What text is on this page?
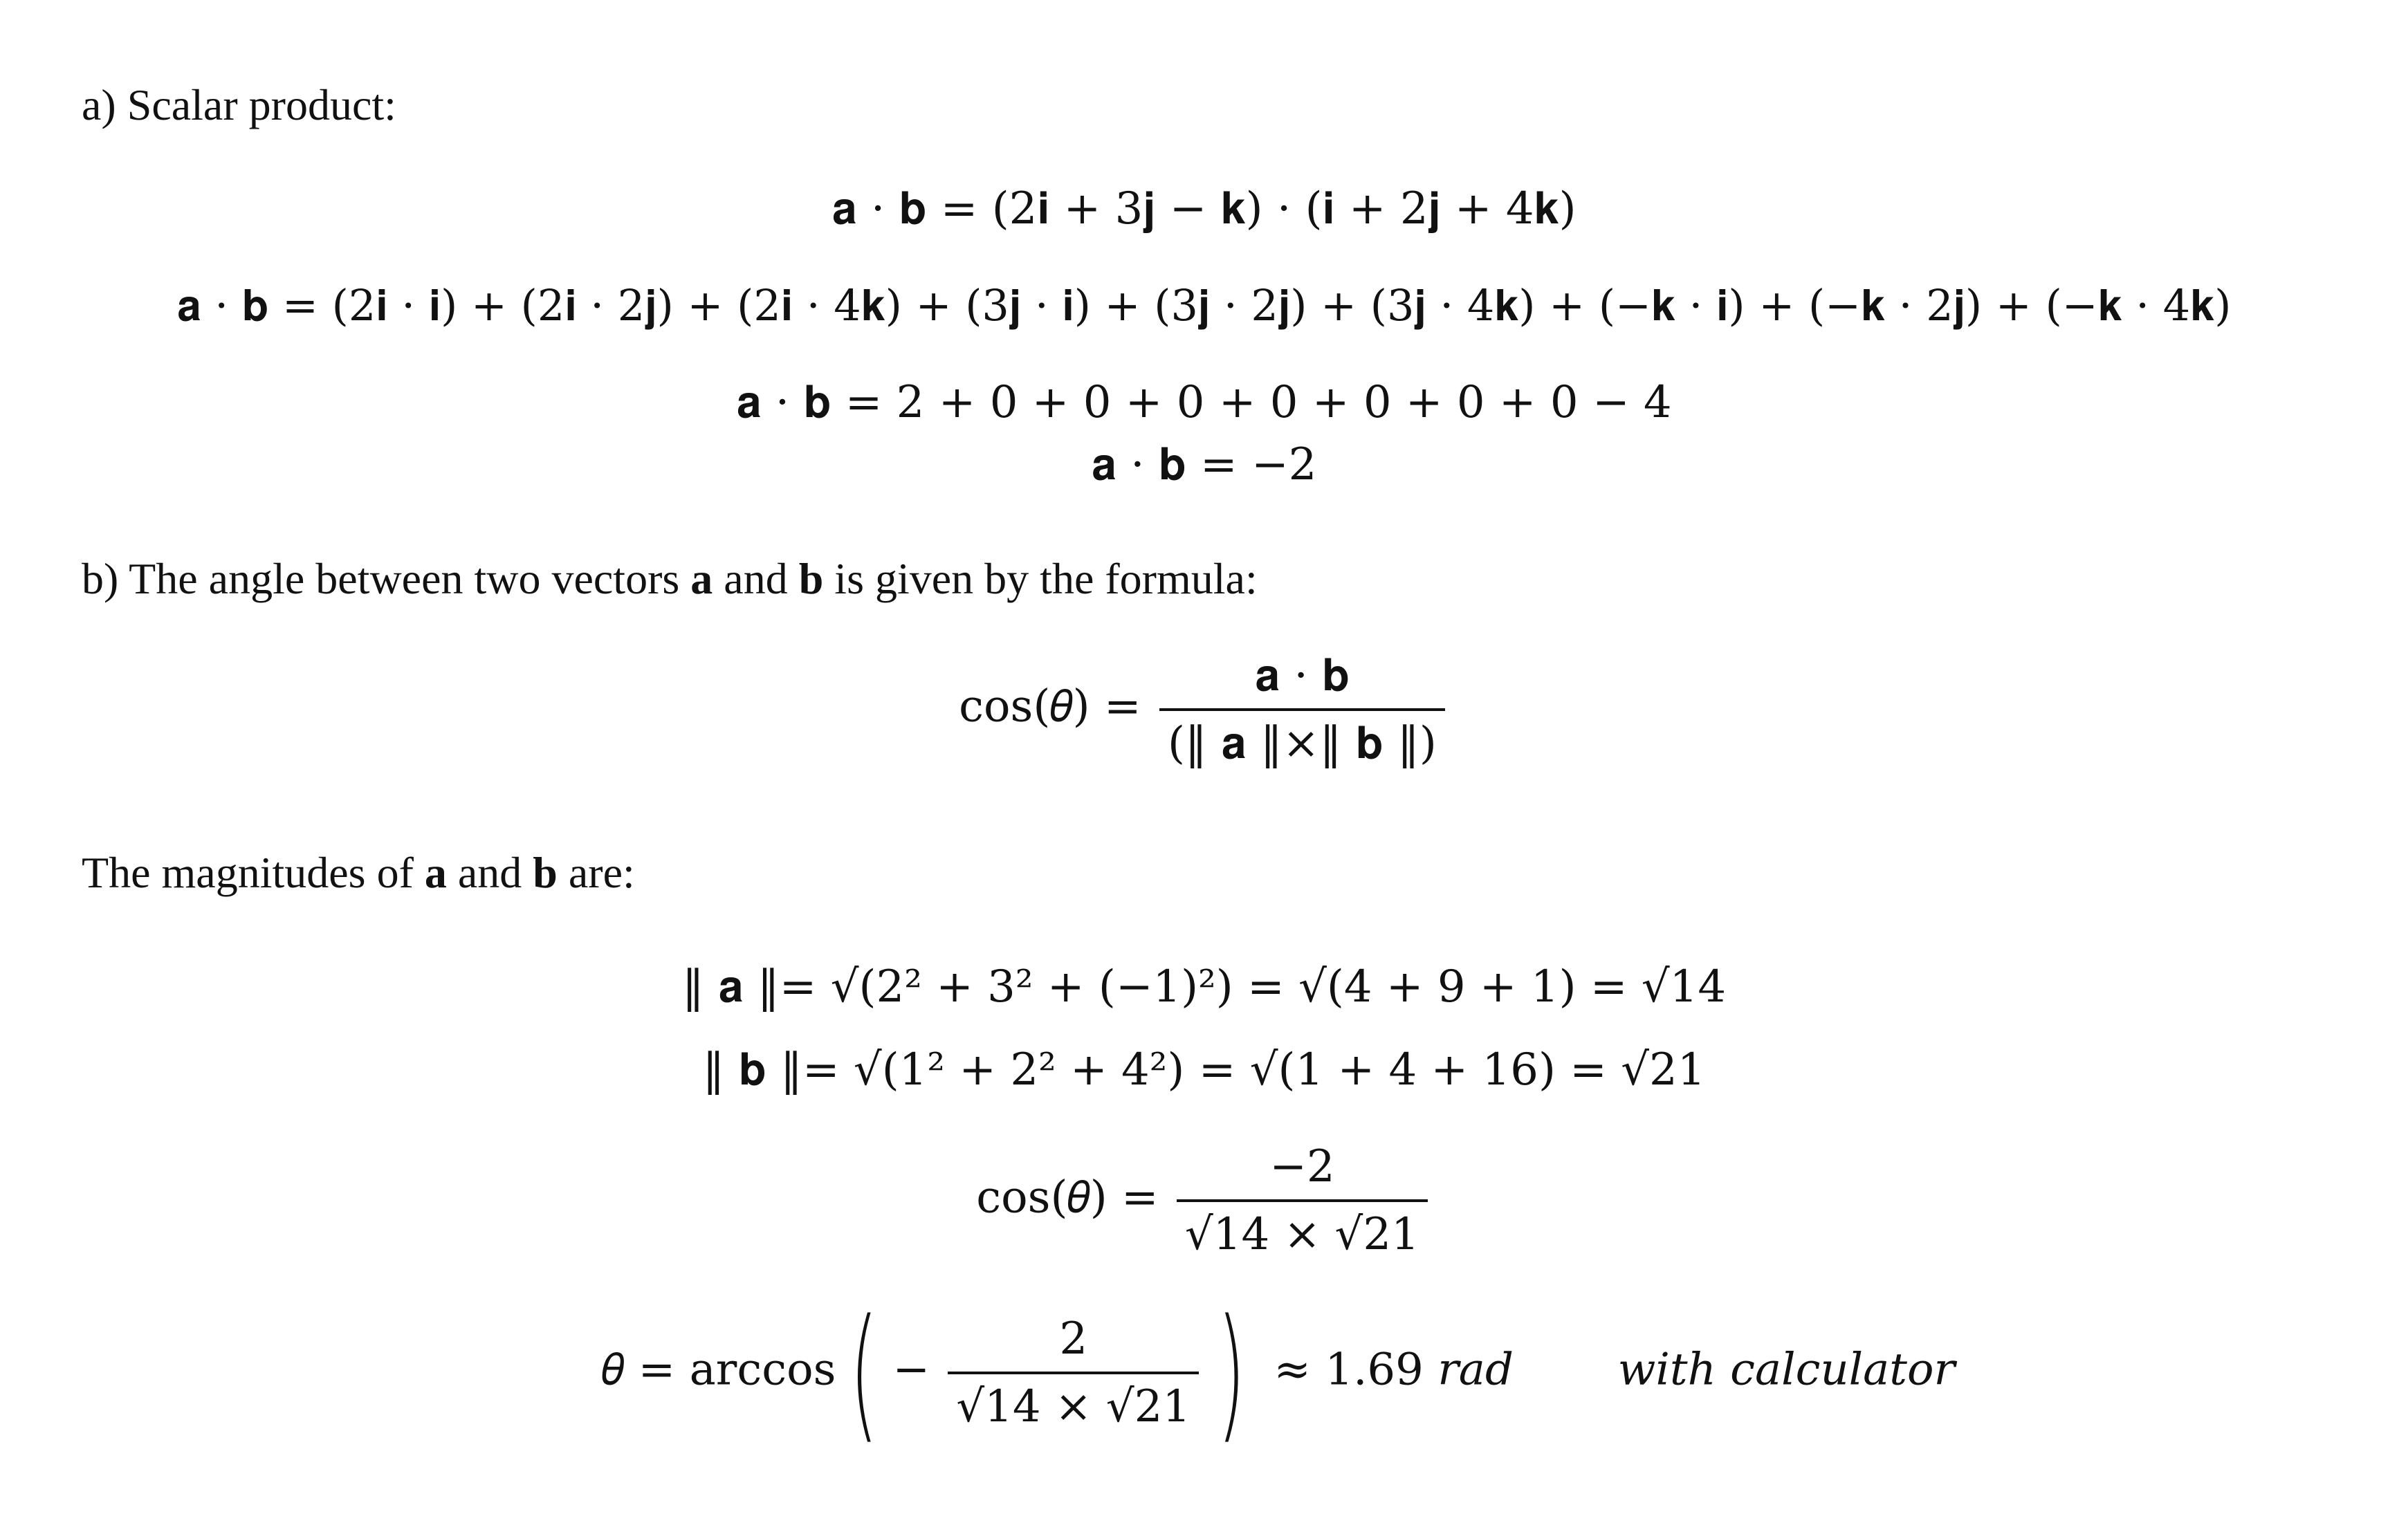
a) Scalar product:
𝐚 · 𝐛 = (2𝐢 + 3𝐣 − 𝐤) · (𝐢 + 2𝐣 + 4𝐤)
𝐚 · 𝐛 = (2𝐢 · 𝐢) + (2𝐢 · 2𝐣) + (2𝐢 · 4𝐤) + (3𝐣 · 𝐢) + (3𝐣 · 2𝐣) + (3𝐣 · 4𝐤) + (−𝐤 · 𝐢) + (−𝐤 · 2𝐣) + (−𝐤 · 4𝐤)
𝐚 · 𝐛 = 2 + 0 + 0 + 0 + 0 + 0 + 0 + 0 − 4
𝐚 · 𝐛 = −2
b) The angle between two vectors a and b is given by the formula:
cos(𝜃) = $\frac{\text{𝐚 · 𝐛}}{\text{(‖ 𝐚 ‖×‖ 𝐛 ‖)}}$
The magnitudes of a and b are:
‖ 𝐚 ‖= √(2² + 3² + (−1)²) = √(4 + 9 + 1) = √14
‖ 𝐛 ‖= √(1² + 2² + 4²) = √(1 + 4 + 16) = √21
cos(𝜃) = $\frac{-2}{√14 \times √21}$
𝜃 = $\arccos( - \frac{2}{√14 \times √21}$ ) ≈ 1.69 𝑟𝑎𝑑 with calculator
